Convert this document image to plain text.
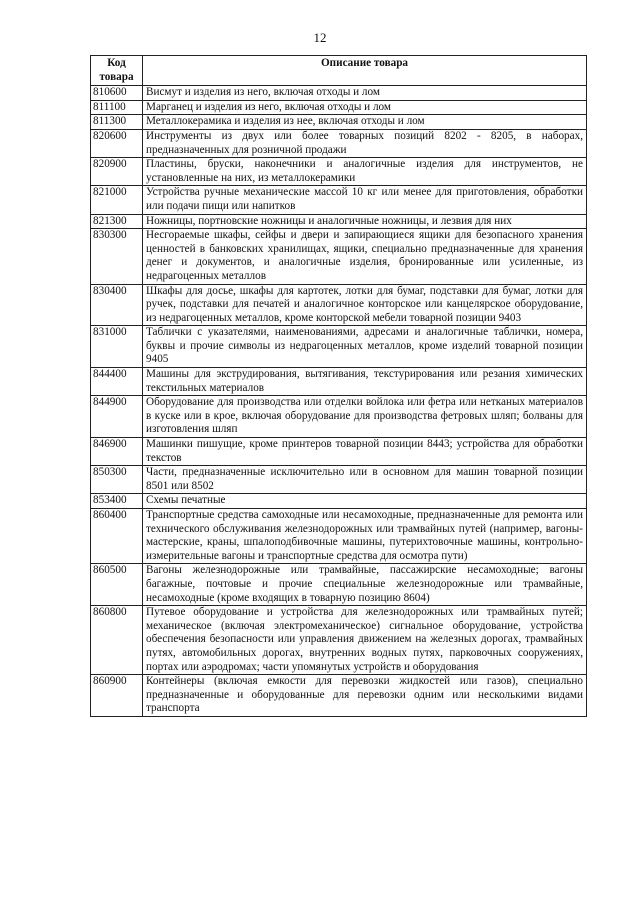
12
Код товара	Описание товара
810600	Висмут и изделия из него, включая отходы и лом
811100	Марганец и изделия из него, включая отходы и лом
811300	Металлокерамика и изделия из нее, включая отходы и лом
820600	Инструменты из двух или более товарных позиций 8202 - 8205, в наборах, предназначенных для розничной продажи
820900	Пластины, бруски, наконечники и аналогичные изделия для инструментов, не установленные на них, из металлокерамики
821000	Устройства ручные механические массой 10 кг или менее для приготовления, обработки или подачи пищи или напитков
821300	Ножницы, портновские ножницы и аналогичные ножницы, и лезвия для них
830300	Несгораемые шкафы, сейфы и двери и запирающиеся ящики для безопасного хранения ценностей в банковских хранилищах, ящики, специально предназначенные для хранения денег и документов, и аналогичные изделия, бронированные или усиленные, из недрагоценных металлов
830400	Шкафы для досье, шкафы для картотек, лотки для бумаг, подставки для бумаг, лотки для ручек, подставки для печатей и аналогичное конторское или канцелярское оборудование, из недрагоценных металлов, кроме конторской мебели товарной позиции 9403
831000	Таблички с указателями, наименованиями, адресами и аналогичные таблички, номера, буквы и прочие символы из недрагоценных металлов, кроме изделий товарной позиции 9405
844400	Машины для экструдирования, вытягивания, текстурирования или резания химических текстильных материалов
844900	Оборудование для производства или отделки войлока или фетра или нетканых материалов в куске или в крое, включая оборудование для производства фетровых шляп; болваны для изготовления шляп
846900	Машинки пишущие, кроме принтеров товарной позиции 8443; устройства для обработки текстов
850300	Части, предназначенные исключительно или в основном для машин товарной позиции 8501 или 8502
853400	Схемы печатные
860400	Транспортные средства самоходные или несамоходные, предназначенные для ремонта или технического обслуживания железнодорожных или трамвайных путей (например, вагоны-мастерские, краны, шпалоподбивочные машины, путерихтовочные машины, контрольно-измерительные вагоны и транспортные средства для осмотра пути)
860500	Вагоны железнодорожные или трамвайные, пассажирские несамоходные; вагоны багажные, почтовые и прочие специальные железнодорожные или трамвайные, несамоходные (кроме входящих в товарную позицию 8604)
860800	Путевое оборудование и устройства для железнодорожных или трамвайных путей; механическое (включая электромеханическое) сигнальное оборудование, устройства обеспечения безопасности или управления движением на железных дорогах, трамвайных путях, автомобильных дорогах, внутренних водных путях, парковочных сооружениях, портах или аэродромах; части упомянутых устройств и оборудования
860900	Контейнеры (включая емкости для перевозки жидкостей или газов), специально предназначенные и оборудованные для перевозки одним или несколькими видами транспорта
